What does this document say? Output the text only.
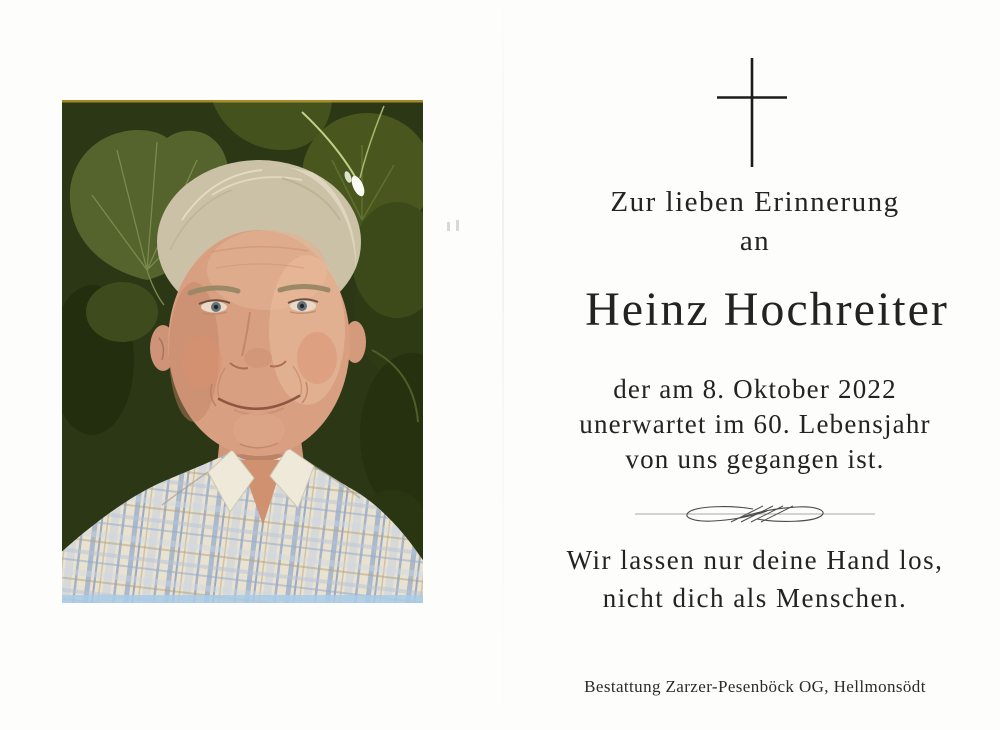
Zur lieben Erinnerung
an
Heinz Hochreiter
der am 8. Oktober 2022
unerwartet im 60. Lebensjahr
von uns gegangen ist.
Wir lassen nur deine Hand los,
nicht dich als Menschen.
Bestattung Zarzer-Pesenböck OG, Hellmonsödt
